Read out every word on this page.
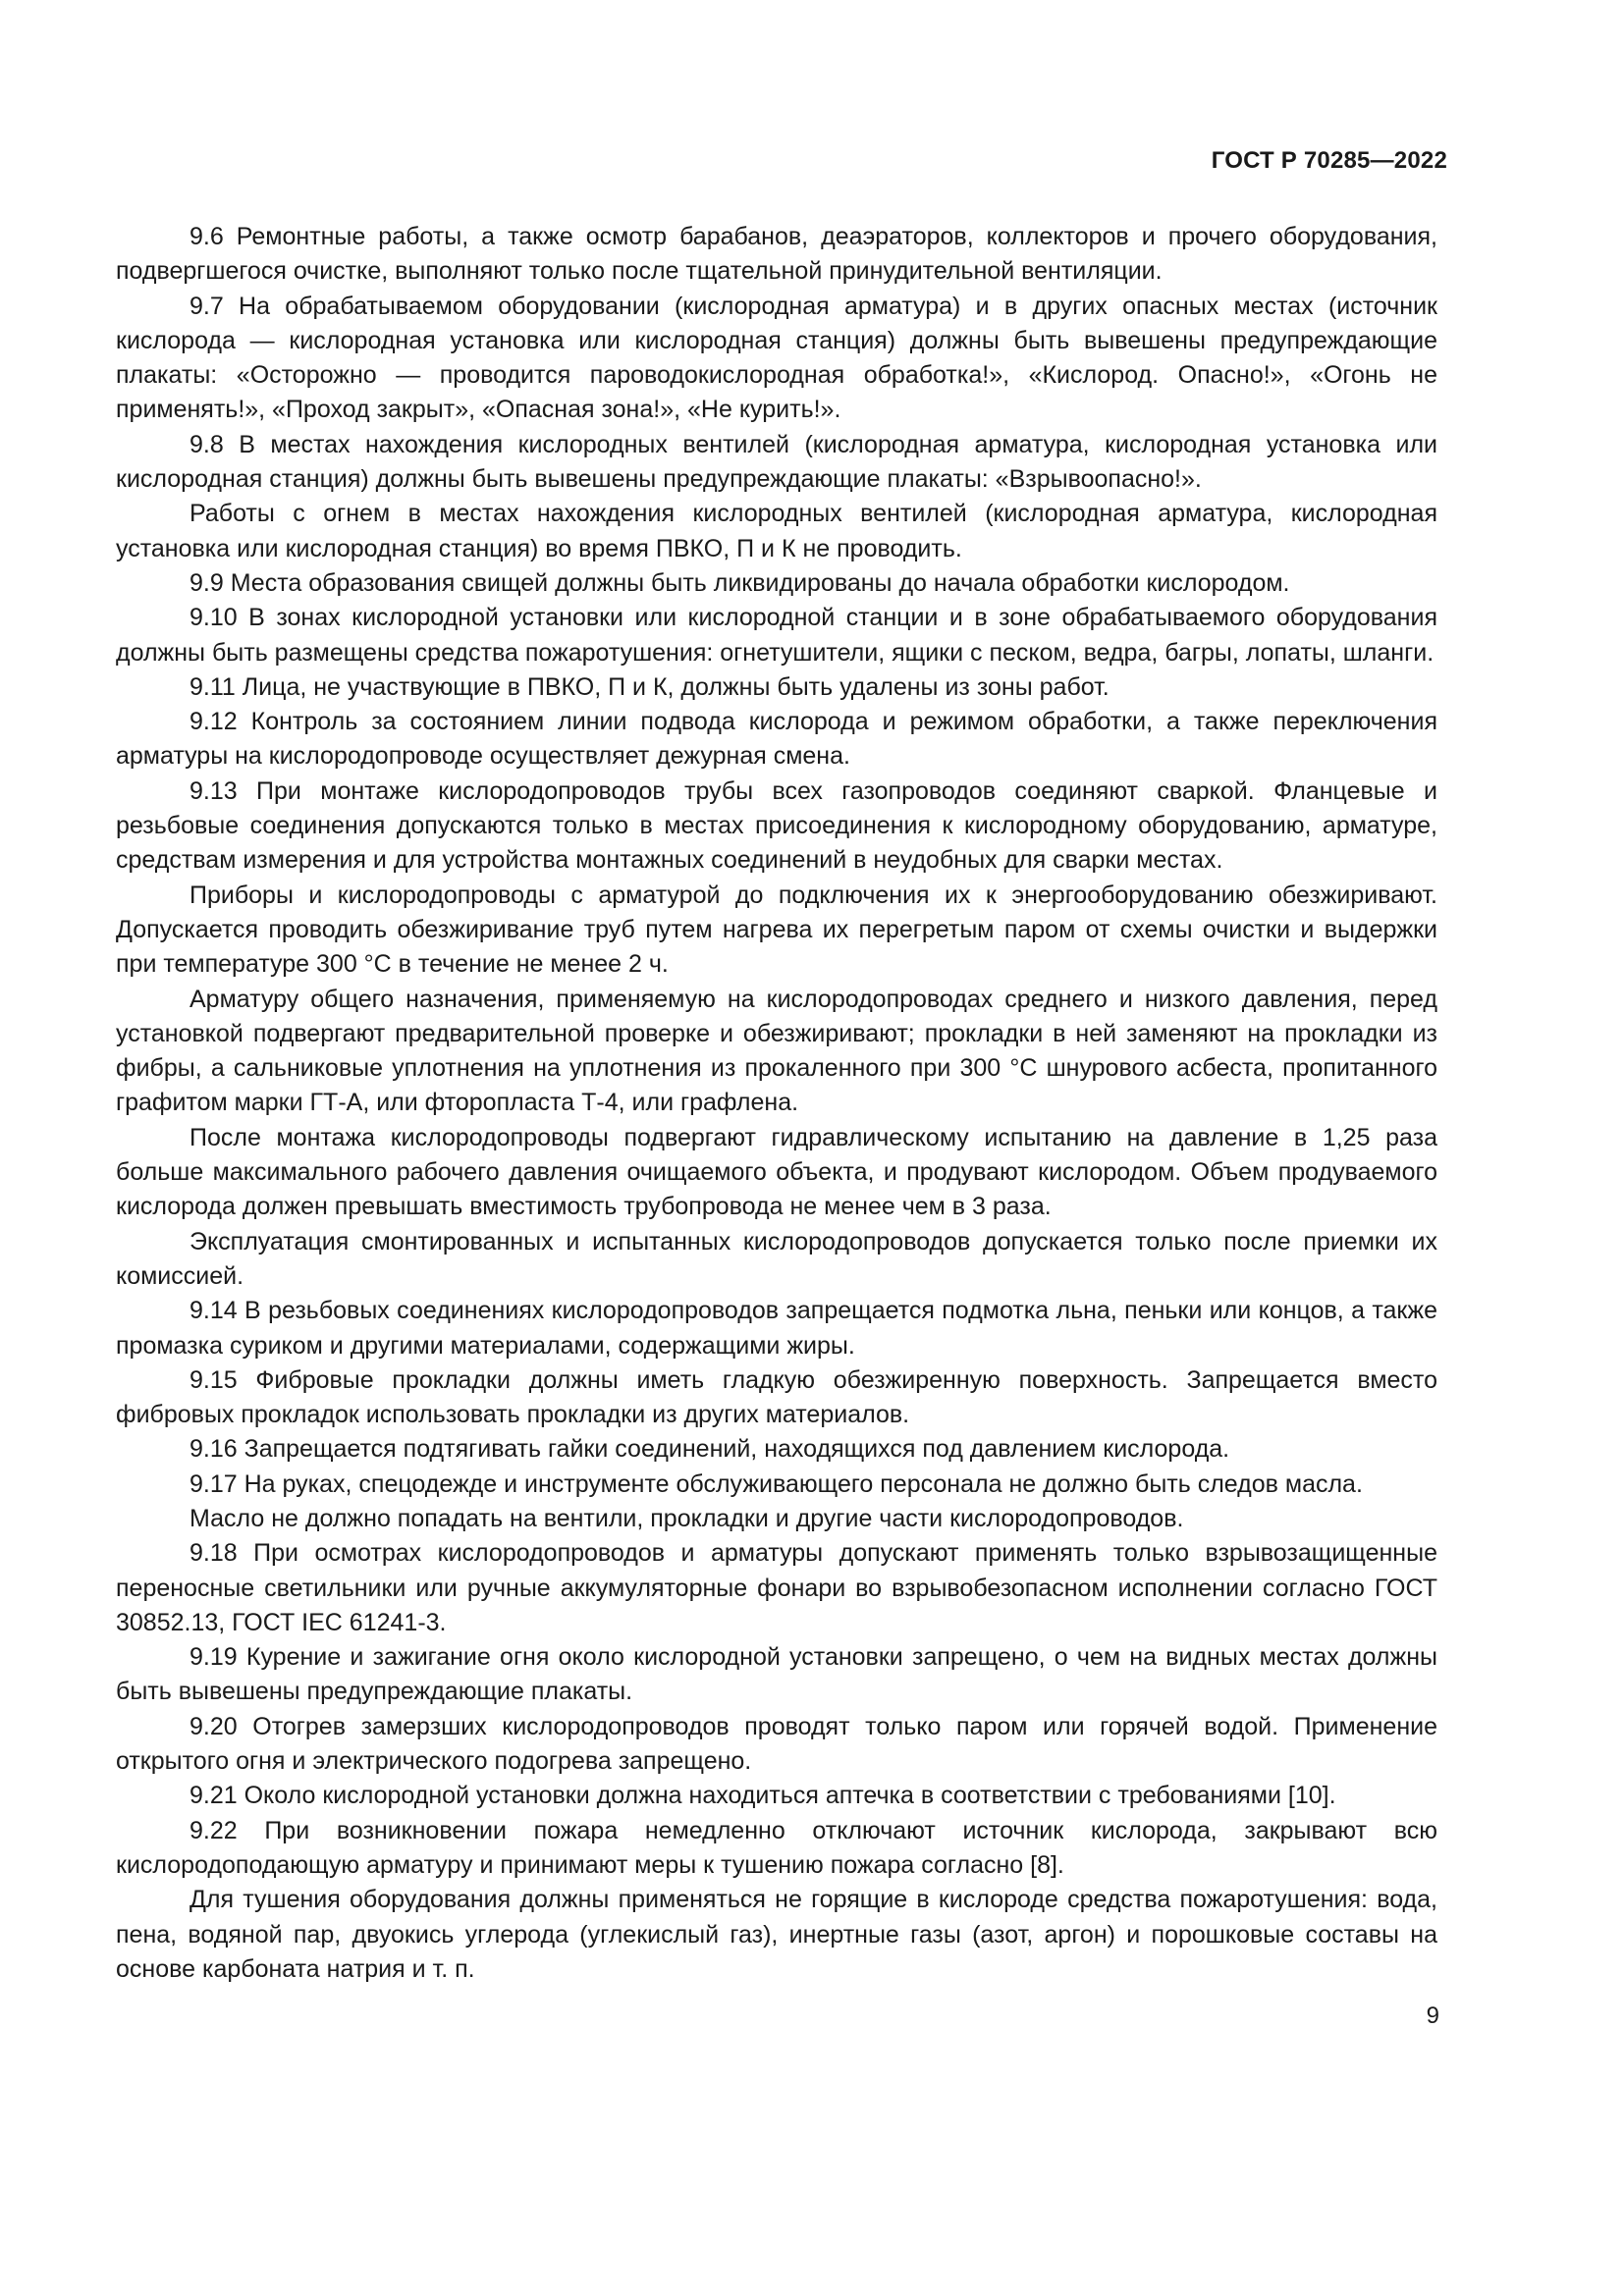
ГОСТ Р 70285—2022

9.6 Ремонтные работы, а также осмотр барабанов, деаэраторов, коллекторов и прочего оборудования, подвергшегося очистке, выполняют только после тщательной принудительной вентиляции.

9.7 На обрабатываемом оборудовании (кислородная арматура) и в других опасных местах (источник кислорода — кислородная установка или кислородная станция) должны быть вывешены предупреждающие плакаты: «Осторожно — проводится пароводокислородная обработка!», «Кислород. Опасно!», «Огонь не применять!», «Проход закрыт», «Опасная зона!», «Не курить!».

9.8 В местах нахождения кислородных вентилей (кислородная арматура, кислородная установка или кислородная станция) должны быть вывешены предупреждающие плакаты: «Взрывоопасно!».

Работы с огнем в местах нахождения кислородных вентилей (кислородная арматура, кислородная установка или кислородная станция) во время ПВКО, П и К не проводить.

9.9 Места образования свищей должны быть ликвидированы до начала обработки кислородом.

9.10 В зонах кислородной установки или кислородной станции и в зоне обрабатываемого оборудования должны быть размещены средства пожаротушения: огнетушители, ящики с песком, ведра, багры, лопаты, шланги.

9.11 Лица, не участвующие в ПВКО, П и К, должны быть удалены из зоны работ.

9.12 Контроль за состоянием линии подвода кислорода и режимом обработки, а также переключения арматуры на кислородопроводе осуществляет дежурная смена.

9.13 При монтаже кислородопроводов трубы всех газопроводов соединяют сваркой. Фланцевые и резьбовые соединения допускаются только в местах присоединения к кислородному оборудованию, арматуре, средствам измерения и для устройства монтажных соединений в неудобных для сварки местах.

Приборы и кислородопроводы с арматурой до подключения их к энергооборудованию обезжиривают. Допускается проводить обезжиривание труб путем нагрева их перегретым паром от схемы очистки и выдержки при температуре 300 °С в течение не менее 2 ч.

Арматуру общего назначения, применяемую на кислородопроводах среднего и низкого давления, перед установкой подвергают предварительной проверке и обезжиривают; прокладки в ней заменяют на прокладки из фибры, а сальниковые уплотнения на уплотнения из прокаленного при 300 °С шнурового асбеста, пропитанного графитом марки ГТ-А, или фторопласта Т-4, или графлена.

После монтажа кислородопроводы подвергают гидравлическому испытанию на давление в 1,25 раза больше максимального рабочего давления очищаемого объекта, и продувают кислородом. Объем продуваемого кислорода должен превышать вместимость трубопровода не менее чем в 3 раза.

Эксплуатация смонтированных и испытанных кислородопроводов допускается только после приемки их комиссией.

9.14 В резьбовых соединениях кислородопроводов запрещается подмотка льна, пеньки или концов, а также промазка суриком и другими материалами, содержащими жиры.

9.15 Фибровые прокладки должны иметь гладкую обезжиренную поверхность. Запрещается вместо фибровых прокладок использовать прокладки из других материалов.

9.16 Запрещается подтягивать гайки соединений, находящихся под давлением кислорода.

9.17 На руках, спецодежде и инструменте обслуживающего персонала не должно быть следов масла.

Масло не должно попадать на вентили, прокладки и другие части кислородопроводов.

9.18 При осмотрах кислородопроводов и арматуры допускают применять только взрывозащищенные переносные светильники или ручные аккумуляторные фонари во взрывобезопасном исполнении согласно ГОСТ 30852.13, ГОСТ IEC 61241-3.

9.19 Курение и зажигание огня около кислородной установки запрещено, о чем на видных местах должны быть вывешены предупреждающие плакаты.

9.20 Отогрев замерзших кислородопроводов проводят только паром или горячей водой. Применение открытого огня и электрического подогрева запрещено.

9.21 Около кислородной установки должна находиться аптечка в соответствии с требованиями [10].

9.22 При возникновении пожара немедленно отключают источник кислорода, закрывают всю кислородоподающую арматуру и принимают меры к тушению пожара согласно [8].

Для тушения оборудования должны применяться не горящие в кислороде средства пожаротушения: вода, пена, водяной пар, двуокись углерода (углекислый газ), инертные газы (азот, аргон) и порошковые составы на основе карбоната натрия и т. п.

9
